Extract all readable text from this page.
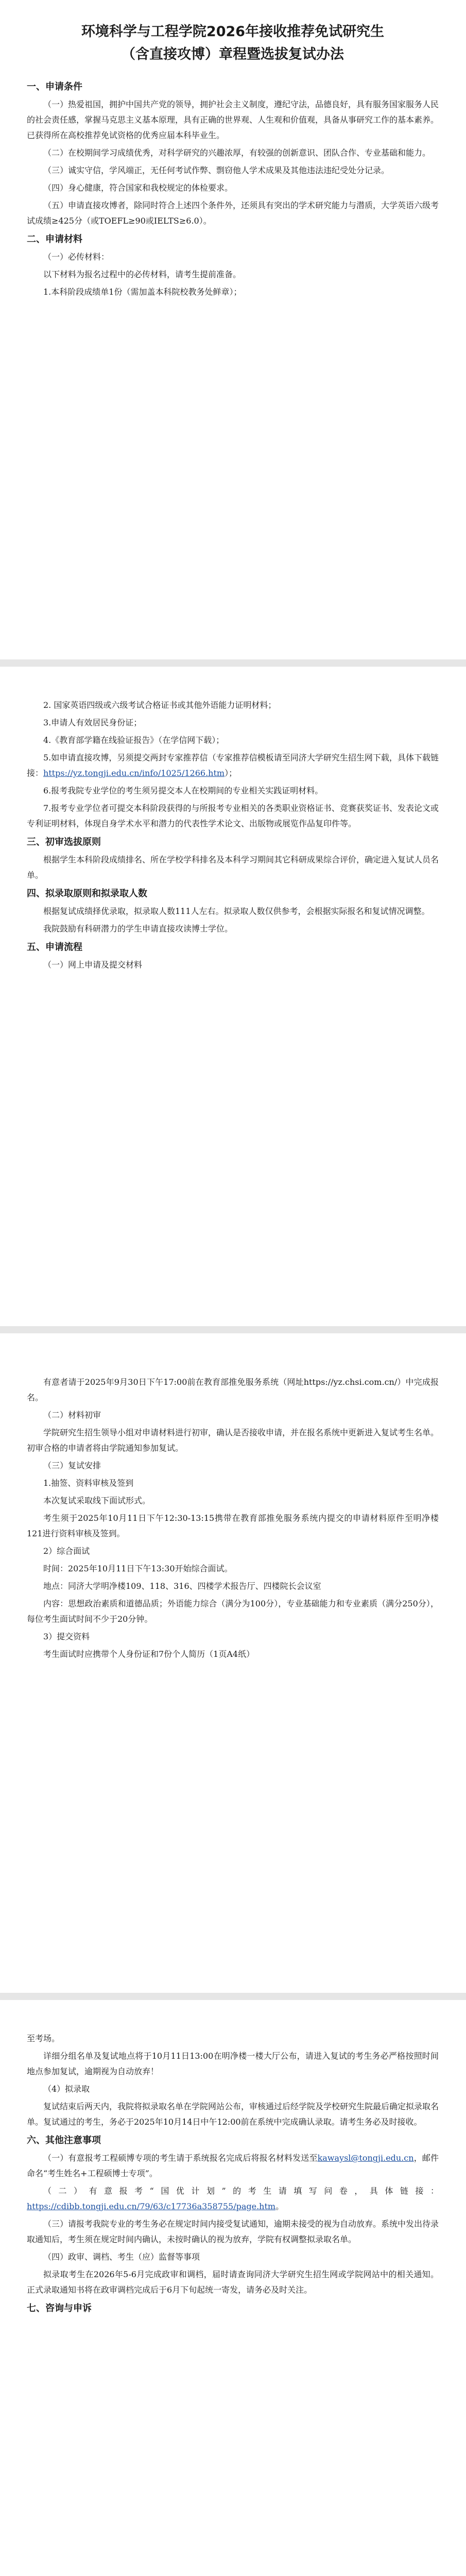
环境科学与工程学院2026年接收推荐免试研究生

（含直接攻博）章程暨选拔复试办法

一、申请条件

（一）热爱祖国，拥护中国共产党的领导，拥护社会主义制度，遵纪守法，品德良好，具有服务国家服务人民的社会责任感，掌握马克思主义基本原理，具有正确的世界观、人生观和价值观，具备从事研究工作的基本素养。已获得所在高校推荐免试资格的优秀应届本科毕业生。

（二）在校期间学习成绩优秀，对科学研究的兴趣浓厚，有较强的创新意识、团队合作、专业基础和能力。

（三）诚实守信，学风端正，无任何考试作弊、剽窃他人学术成果及其他违法违纪受处分记录。

（四）身心健康，符合国家和我校规定的体检要求。

（五）申请直接攻博者，除同时符合上述四个条件外，还须具有突出的学术研究能力与潜质，大学英语六级考试成绩≥425分（或TOEFL≥90或IELTS≥6.0）。

二、申请材料

（一）必传材料：

以下材料为报名过程中的必传材料，请考生提前准备。

1.本科阶段成绩单1份（需加盖本科院校教务处鲜章）；

2. 国家英语四级或六级考试合格证书或其他外语能力证明材料；

3.申请人有效居民身份证；

4.《教育部学籍在线验证报告》（在学信网下载）；

5.如申请直接攻博，另须提交两封专家推荐信（专家推荐信模板请至同济大学研究生招生网下载，具体下载链接：https://yz.tongji.edu.cn/info/1025/1266.htm）；

6.报考我院专业学位的考生须另提交本人在校期间的专业相关实践证明材料。

7.报考专业学位者可提交本科阶段获得的与所报考专业相关的各类职业资格证书、竞赛获奖证书、发表论文或专利证明材料，体现自身学术水平和潜力的代表性学术论文、出版物或展览作品复印件等。

三、初审选拔原则

根据学生本科阶段成绩排名、所在学校学科排名及本科学习期间其它科研成果综合评价，确定进入复试人员名单。

四、拟录取原则和拟录取人数

根据复试成绩择优录取，拟录取人数111人左右。拟录取人数仅供参考，会根据实际报名和复试情况调整。

我院鼓励有科研潜力的学生申请直接攻读博士学位。

五、申请流程

（一）网上申请及提交材料

有意者请于2025年9月30日下午17:00前在教育部推免服务系统（网址https://yz.chsi.com.cn/）中完成报名。

（二）材料初审

学院研究生招生领导小组对申请材料进行初审，确认是否接收申请，并在报名系统中更新进入复试考生名单。初审合格的申请者将由学院通知参加复试。

（三）复试安排

1.抽签、资料审核及签到

本次复试采取线下面试形式。

考生须于2025年10月11日下午12:30-13:15携带在教育部推免服务系统内提交的申请材料原件至明净楼121进行资料审核及签到。

2）综合面试

时间：2025年10月11日下午13:30开始综合面试。

地点：同济大学明净楼109、118、316、四楼学术报告厅、四楼院长会议室

内容：思想政治素质和道德品质；外语能力综合（满分为100分），专业基础能力和专业素质（满分250分），每位考生面试时间不少于20分钟。

3）提交资料

考生面试时应携带个人身份证和7份个人简历（1页A4纸）

至考场。

详细分组名单及复试地点将于10月11日13:00在明净楼一楼大厅公布，请进入复试的考生务必严格按照时间地点参加复试，逾期视为自动放弃！

（4）拟录取

复试结束后两天内，我院将拟录取名单在学院网站公布，审核通过后经学院及学校研究生院最后确定拟录取名单。复试通过的考生，务必于2025年10月14日中午12:00前在系统中完成确认录取。请考生务必及时接收。

六、其他注意事项

（一）有意报考工程硕博专项的考生请于系统报名完成后将报名材料发送至kawaysl@tongji.edu.cn，邮件命名“考生姓名+工程硕博士专项”。

（二）有意报考“国优计划”的考生请填写问卷，具体链接：https://cdibb.tongji.edu.cn/79/63/c17736a358755/page.htm。

（三）请报考我院专业的考生务必在规定时间内接受复试通知，逾期未接受的视为自动放弃。系统中发出待录取通知后，考生须在规定时间内确认，未按时确认的视为放弃，学院有权调整拟录取名单。

（四）政审、调档、考生（应）监督等事项

拟录取考生在2026年5-6月完成政审和调档，届时请查询同济大学研究生招生网或学院网站中的相关通知。正式录取通知书将在政审调档完成后于6月下旬起统一寄发，请务必及时关注。

七、咨询与申诉
